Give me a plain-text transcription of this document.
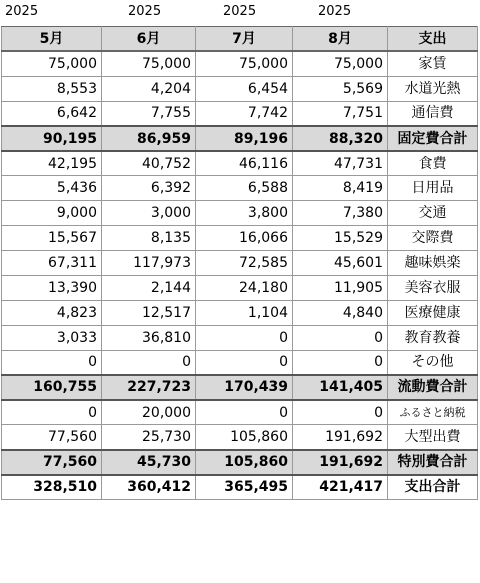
2025	2025	2025	2025
5月	6月	7月	8月	支出
75,000	75,000	75,000	75,000	家賃
8,553	4,204	6,454	5,569	水道光熱
6,642	7,755	7,742	7,751	通信費
90,195	86,959	89,196	88,320	固定費合計
42,195	40,752	46,116	47,731	食費
5,436	6,392	6,588	8,419	日用品
9,000	3,000	3,800	7,380	交通
15,567	8,135	16,066	15,529	交際費
67,311	117,973	72,585	45,601	趣味娯楽
13,390	2,144	24,180	11,905	美容衣服
4,823	12,517	1,104	4,840	医療健康
3,033	36,810	0	0	教育教養
0	0	0	0	その他
160,755	227,723	170,439	141,405	流動費合計
0	20,000	0	0	ふるさと納税
77,560	25,730	105,860	191,692	大型出費
77,560	45,730	105,860	191,692	特別費合計
328,510	360,412	365,495	421,417	支出合計
